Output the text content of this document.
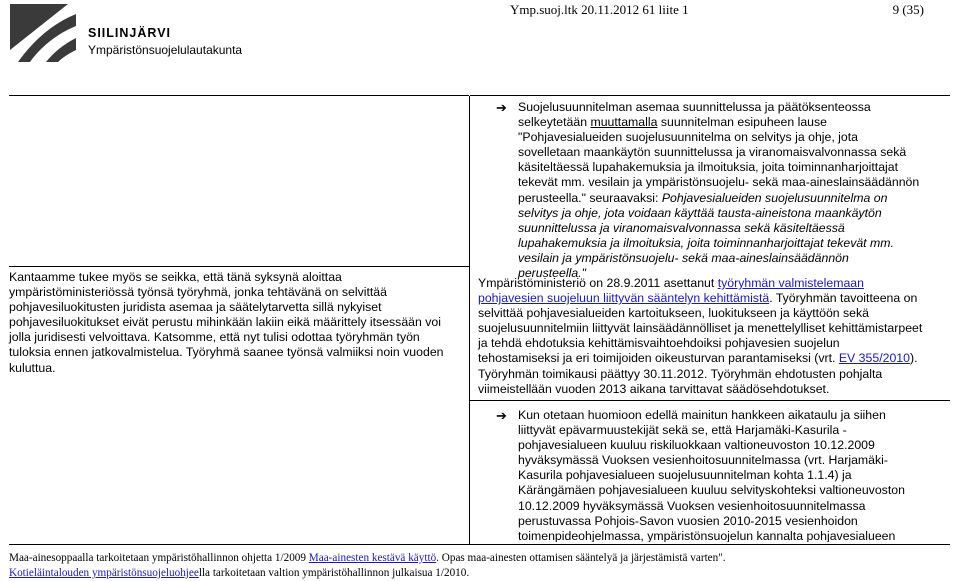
SIILINJÄRVI
Ympäristönsuojelulautakunta
Ymp.suoj.ltk 20.11.2012 61 liite 1	9 (35)
Kantaamme tukee myös se seikka, että tänä syksynä aloittaa ympäristöministeriössä työnsä työryhmä, jonka tehtävänä on selvittää pohjavesiluokitusten juridista asemaa ja säätelytarvetta sillä nykyiset pohjavesiluokitukset eivät perustu mihinkään lakiin eikä määrittely itsessään voi jolla juridisesti velvoittava. Katsomme, että nyt tulisi odottaa työryhmän työn tuloksia ennen jatkovalmistelua. Työryhmä saanee työnsä valmiiksi noin vuoden kuluttua.
➔ Suojelusuunnitelman asemaa suunnittelussa ja päätöksenteossa selkeytetään muuttamalla suunnitelman esipuheen lause "Pohjavesialueiden suojelusuunnitelma on selvitys ja ohje, jota sovelletaan maankäytön suunnittelussa ja viranomaisvalvonnassa sekä käsiteltäessä lupahakemuksia ja ilmoituksia, joita toiminnanharjoittajat tekevät mm. vesilain ja ympäristönsuojelu- sekä maa-aineslainsäädännön perusteella." seuraavaksi: Pohjavesialueiden suojelusuunnitelma on selvitys ja ohje, jota voidaan käyttää tausta-aineistona maankäytön suunnittelussa ja viranomaisvalvonnassa sekä käsiteltäessä lupahakemuksia ja ilmoituksia, joita toiminnanharjoittajat tekevät mm. vesilain ja ympäristönsuojelu- sekä maa-aineslainsäädännön perusteella."
Ympäristöministeriö on 28.9.2011 asettanut työryhmän valmistelemaan pohjavesien suojeluun liittyvän sääntelyn kehittämistä. Työryhmän tavoitteena on selvittää pohjavesialueiden kartoitukseen, luokitukseen ja käyttöön sekä suojelusuunnitelmiin liittyvät lainsäädännölliset ja menettelylliset kehittämistarpeet ja tehdä ehdotuksia kehittämisvaihtoehdoiksi pohjavesien suojelun tehostamiseksi ja eri toimijoiden oikeusturvan parantamiseksi (vrt. EV 355/2010). Työryhmän toimikausi päättyy 30.11.2012. Työryhmän ehdotusten pohjalta viimeistellään vuoden 2013 aikana tarvittavat säädösehdotukset.
➔ Kun otetaan huomioon edellä mainitun hankkeen aikataulu ja siihen liittyvät epävarmuustekijät sekä se, että Harjamäki-Kasurila -pohjavesialueen kuuluu riskiluokkaan valtioneuvoston 10.12.2009 hyväksymässä Vuoksen vesienhoitosuunnitelmassa (vrt. Harjamäki-Kasurila pohjavesialueen suojelusuunnitelman kohta 1.1.4) ja Kärängämäen pohjavesialueen kuuluu selvityskohteksi valtioneuvoston 10.12.2009 hyväksymässä Vuoksen vesienhoitosuunnitelmassa perustuvassa Pohjois-Savon vuosien 2010-2015 vesienhoidon toimenpideohjelmassa, ympäristönsuojelun kannalta pohjavesialueen
Maa-ainesoppaalla tarkoitetaan ympäristöhallinnon ohjetta 1/2009 Maa-ainesten kestävä käyttö. Opas maa-ainesten ottamisen sääntelyä ja järjestämistä varten".
Kotieläintalouden ympäristönsuojeluohjeella tarkoitetaan valtion ympäristöhallinnon julkaisua 1/2010.
